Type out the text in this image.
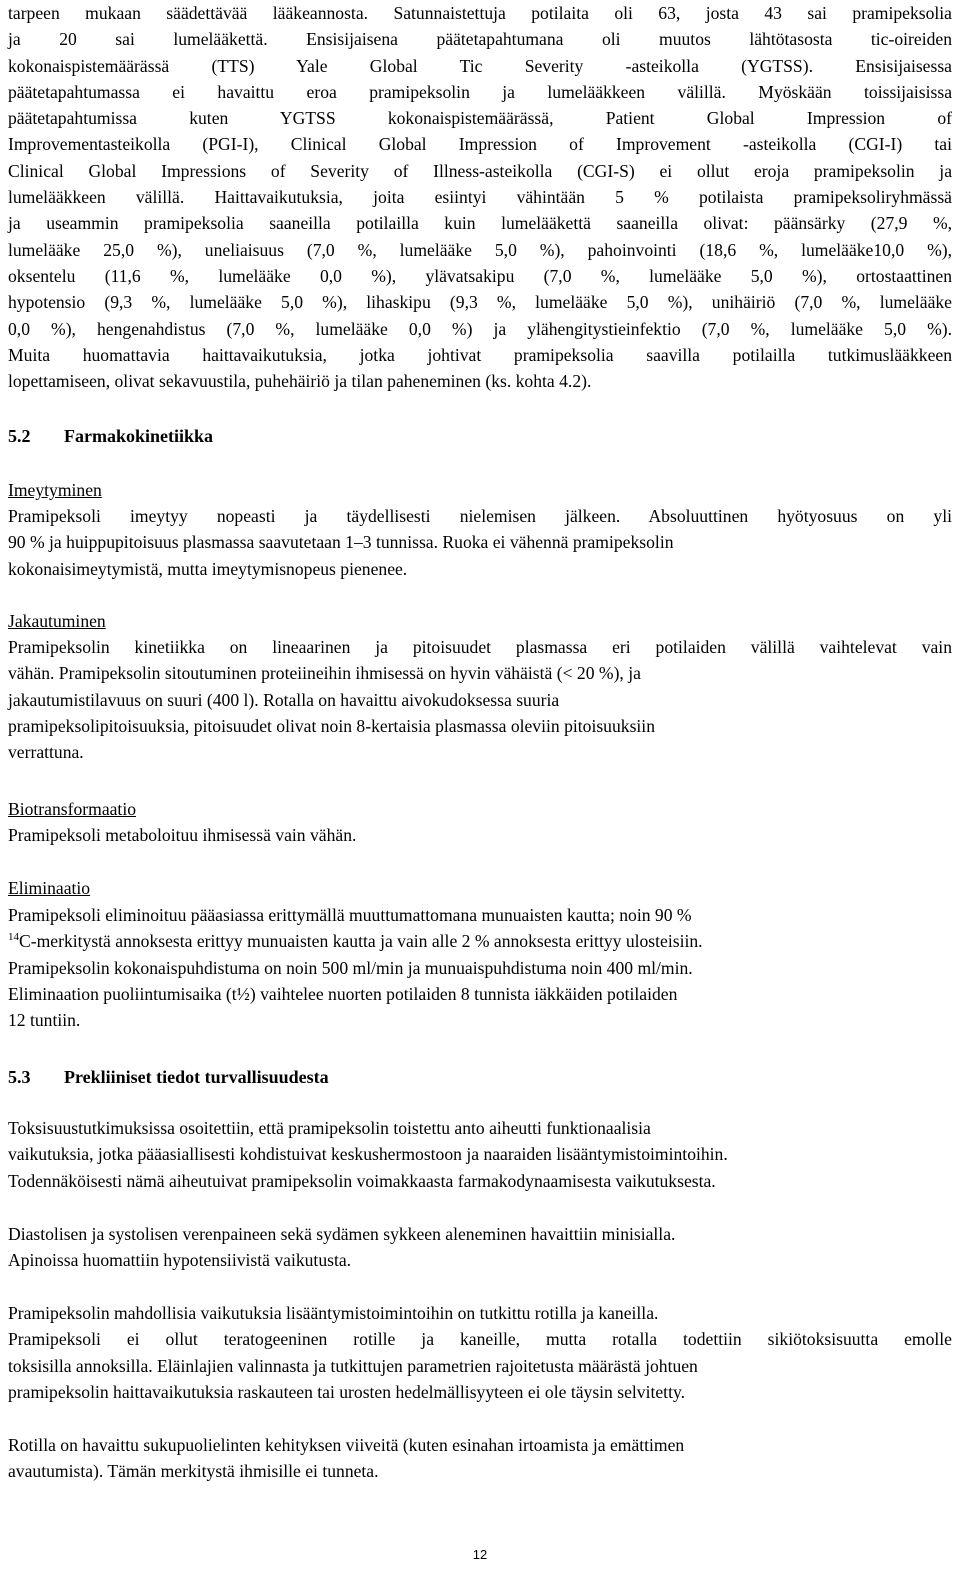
tarpeen mukaan säädettävää lääkeannosta. Satunnaistettuja potilaita oli 63, josta 43 sai pramipeksolia
ja 20 sai lumelääkettä. Ensisijaisena päätetapahtumana oli muutos lähtötasosta tic-oireiden
kokonaispistemäärässä (TTS) Yale Global Tic Severity -asteikolla (YGTSS). Ensisijaisessa
päätetapahtumassa ei havaittu eroa pramipeksolin ja lumelääkkeen välillä. Myöskään toissijaisissa
päätetapahtumissa kuten YGTSS kokonaispistemäärässä, Patient Global Impression of
Improvementasteikolla (PGI-I), Clinical Global Impression of Improvement -asteikolla (CGI-I) tai
Clinical Global Impressions of Severity of Illness-asteikolla (CGI-S) ei ollut eroja pramipeksolin ja
lumelääkkeen välillä. Haittavaikutuksia, joita esiintyi vähintään 5 % potilaista pramipeksoliryhmässä
ja useammin pramipeksolia saaneilla potilailla kuin lumelääkettä saaneilla olivat: päänsärky (27,9 %,
lumelääke 25,0 %), uneliaisuus (7,0 %, lumelääke 5,0 %), pahoinvointi (18,6 %, lumelääke10,0 %),
oksentelu (11,6 %, lumelääke 0,0 %), ylävatsakipu (7,0 %, lumelääke 5,0 %), ortostaattinen
hypotensio (9,3 %, lumelääke 5,0 %), lihaskipu (9,3 %, lumelääke 5,0 %), unihäiriö (7,0 %, lumelääke
0,0 %), hengenahdistus (7,0 %, lumelääke 0,0 %) ja ylähengitystieinfektio (7,0 %, lumelääke 5,0 %).
Muita huomattavia haittavaikutuksia, jotka johtivat pramipeksolia saavilla potilailla tutkimuslääkkeen
lopettamiseen, olivat sekavuustila, puhehäiriö ja tilan paheneminen (ks. kohta 4.2).
5.2 Farmakokinetiikka
Imeytyminen
Pramipeksoli imeytyy nopeasti ja täydellisesti nielemisen jälkeen. Absoluuttinen hyötyosuus on yli
90 % ja huippupitoisuus plasmassa saavutetaan 1–3 tunnissa. Ruoka ei vähennä pramipeksolin
kokonaisimeytymistä, mutta imeytymisnopeus pienenee.
Jakautuminen
Pramipeksolin kinetiikka on lineaarinen ja pitoisuudet plasmassa eri potilaiden välillä vaihtelevat vain
vähän. Pramipeksolin sitoutuminen proteiineihin ihmisessä on hyvin vähäistä (< 20 %), ja
jakautumistilavuus on suuri (400 l). Rotalla on havaittu aivokudoksessa suuria
pramipeksolipitoisuuksia, pitoisuudet olivat noin 8-kertaisia plasmassa oleviin pitoisuuksiin
verrattuna.
Biotransformaatio
Pramipeksoli metaboloituu ihmisessä vain vähän.
Eliminaatio
Pramipeksoli eliminoituu pääasiassa erittymällä muuttumattomana munuaisten kautta; noin 90 %
$^{14}$C-merkitystä annoksesta erittyy munuaisten kautta ja vain alle 2 % annoksesta erittyy ulosteisiin.
Pramipeksolin kokonaispuhdistuma on noin 500 ml/min ja munuaispuhdistuma noin 400 ml/min.
Eliminaation puoliintumisaika (t½) vaihtelee nuorten potilaiden 8 tunnista iäkkäiden potilaiden
12 tuntiin.
5.3 Prekliiniset tiedot turvallisuudesta
Toksisuustutkimuksissa osoitettiin, että pramipeksolin toistettu anto aiheutti funktionaalisia
vaikutuksia, jotka pääasiallisesti kohdistuivat keskushermostoon ja naaraiden lisääntymistoimintoihin.
Todennäköisesti nämä aiheutuivat pramipeksolin voimakkaasta farmakodynaamisesta vaikutuksesta.
Diastolisen ja systolisen verenpaineen sekä sydämen sykkeen aleneminen havaittiin minisialla.
Apinoissa huomattiin hypotensiivistä vaikutusta.
Pramipeksolin mahdollisia vaikutuksia lisääntymistoimintoihin on tutkittu rotilla ja kaneilla.
Pramipeksoli ei ollut teratogeeninen rotille ja kaneille, mutta rotalla todettiin sikiötoksisuutta emolle
toksisilla annoksilla. Eläinlajien valinnasta ja tutkittujen parametrien rajoitetusta määrästä johtuen
pramipeksolin haittavaikutuksia raskauteen tai urosten hedelmällisyyteen ei ole täysin selvitetty.
Rotilla on havaittu sukupuolielinten kehityksen viiveitä (kuten esinahan irtoamista ja emättimen
avautumista). Tämän merkitystä ihmisille ei tunneta.
12
